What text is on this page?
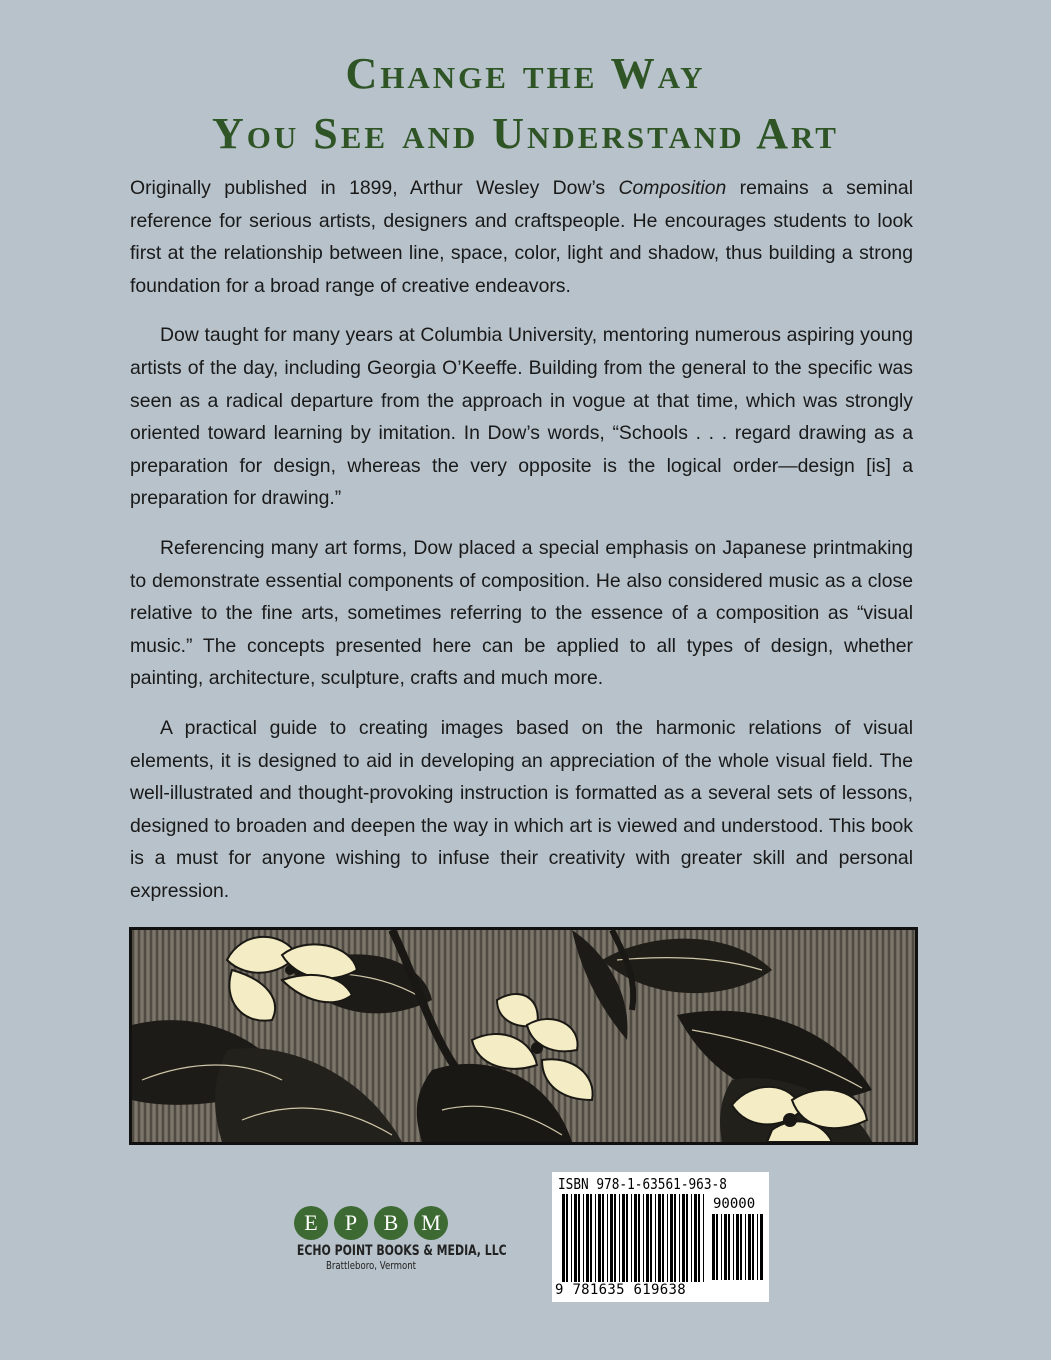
Change the Way
You See and Understand Art

Originally published in 1899, Arthur Wesley Dow’s Composition remains a seminal reference for serious artists, designers and craftspeople. He encourages students to look first at the relationship between line, space, color, light and shadow, thus building a strong foundation for a broad range of creative endeavors.

Dow taught for many years at Columbia University, mentoring numerous aspiring young artists of the day, including Georgia O’Keeffe. Building from the general to the specific was seen as a radical departure from the approach in vogue at that time, which was strongly oriented toward learning by imitation. In Dow’s words, “Schools . . . regard drawing as a preparation for design, whereas the very opposite is the logical order—design [is] a preparation for drawing.”

Referencing many art forms, Dow placed a special emphasis on Japanese printmaking to demonstrate essential components of composition. He also considered music as a close relative to the fine arts, sometimes referring to the essence of a composition as “visual music.” The concepts presented here can be applied to all types of design, whether painting, architecture, sculpture, crafts and much more.

A practical guide to creating images based on the harmonic relations of visual elements, it is designed to aid in developing an appreciation of the whole visual field. The well-illustrated and thought-provoking instruction is formatted as a several sets of lessons, designed to broaden and deepen the way in which art is viewed and understood. This book is a must for anyone wishing to infuse their creativity with greater skill and personal expression.

E	P	B	M
ECHO POINT BOOKS & MEDIA, LLC
Brattleboro, Vermont
ISBN 978-1-63561-963-8
90000
9 781635 619638
